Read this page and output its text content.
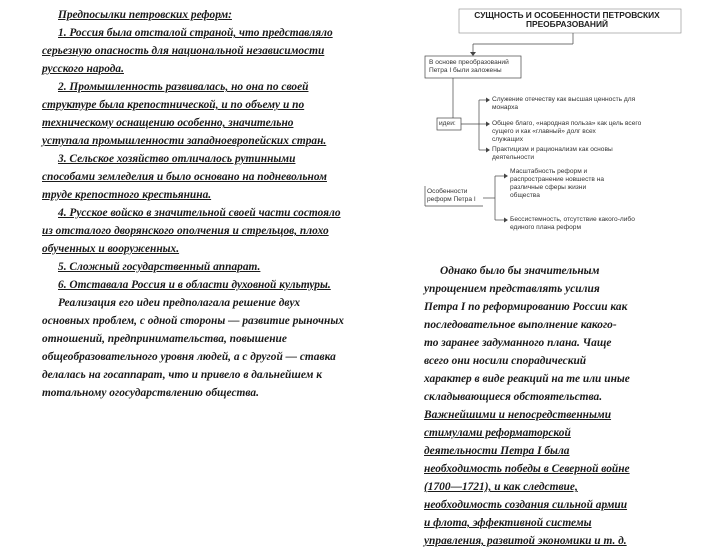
Предпосылки петровских реформ:
1. Россия была отсталой страной, что представляло
серьезную опасность для национальной независимости
русского народа.
2. Промышленность развивалась, но она по своей
структуре была крепостнической, и по объему и по
техническому оснащению особенно, значительно
уступала промышленности западноевропейских стран.
3. Сельское хозяйство отличалось рутинными
способами земледелия и было основано на подневольном
труде крепостного крестьянина.
4. Русское войско в значительной своей части состояло
из отсталого дворянского ополчения и стрельцов, плохо
обученных и вооруженных.
5. Сложный государственный аппарат.
6. Отставала Россия и в области духовной культуры.
Реализация его идеи предполагала решение двух
основных проблем, с одной стороны — развитие рыночных
отношений, предпринимательства, повышение
общеобразовательного уровня людей, а с другой — ставка
делалась на госаппарат, что и привело в дальнейшем к
тотальному огосударствлению общества.
СУЩНОСТЬ И ОСОБЕННОСТИ ПЕТРОВСКИХ
ПРЕОБРАЗОВАНИЙ
В основе преобразований
Петра I были заложены
идеи:
Служение отечеству как высшая ценность для
монарха
Общее благо, «народная польза» как цель всего
сущего и как «главный» долг всех
служащих
Практицизм и рационализм как основы
деятельности
Особенности
реформ Петра I
Масштабность реформ и
распространение новшеств на
различные сферы жизни
общества
Бесcистемность, отсутствие какого-либо
единого плана реформ
Однако было бы значительным
упрощением представлять усилия
Петра I по реформированию России как
последовательное выполнение какого-
то заранее задуманного плана. Чаще
всего они носили спорадический
характер в виде реакций на те или иные
складывающиеся обстоятельства.
Важнейшими и непосредственными
стимулами реформаторской
деятельности Петра I была
необходимость победы в Северной войне
(1700—1721), и как следствие,
необходимость создания сильной армии
и флота, эффективной системы
управления, развитой экономики и т. д.
